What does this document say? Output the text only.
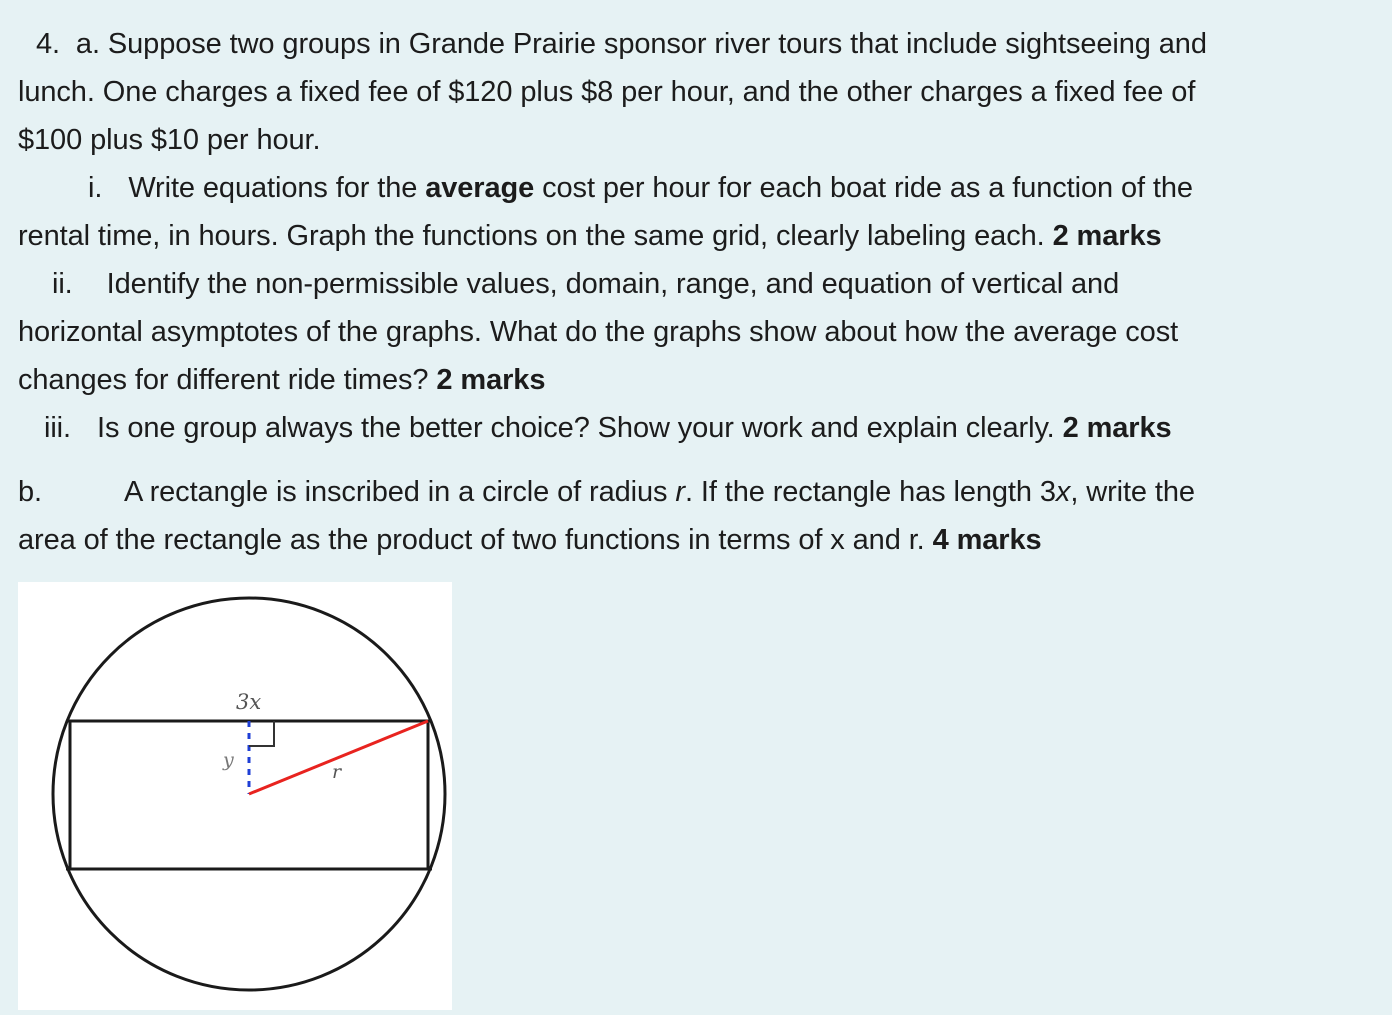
4. a. Suppose two groups in Grande Prairie sponsor river tours that include sightseeing and
lunch. One charges a fixed fee of $120 plus $8 per hour, and the other charges a fixed fee of
$100 plus $10 per hour.
i. Write equations for the average cost per hour for each boat ride as a function of the
rental time, in hours. Graph the functions on the same grid, clearly labeling each. 2 marks
ii. Identify the non-permissible values, domain, range, and equation of vertical and
horizontal asymptotes of the graphs. What do the graphs show about how the average cost
changes for different ride times? 2 marks
iii. Is one group always the better choice? Show your work and explain clearly. 2 marks
b.	A rectangle is inscribed in a circle of radius r. If the rectangle has length 3x, write the
area of the rectangle as the product of two functions in terms of x and r. 4 marks
3x
y
r
